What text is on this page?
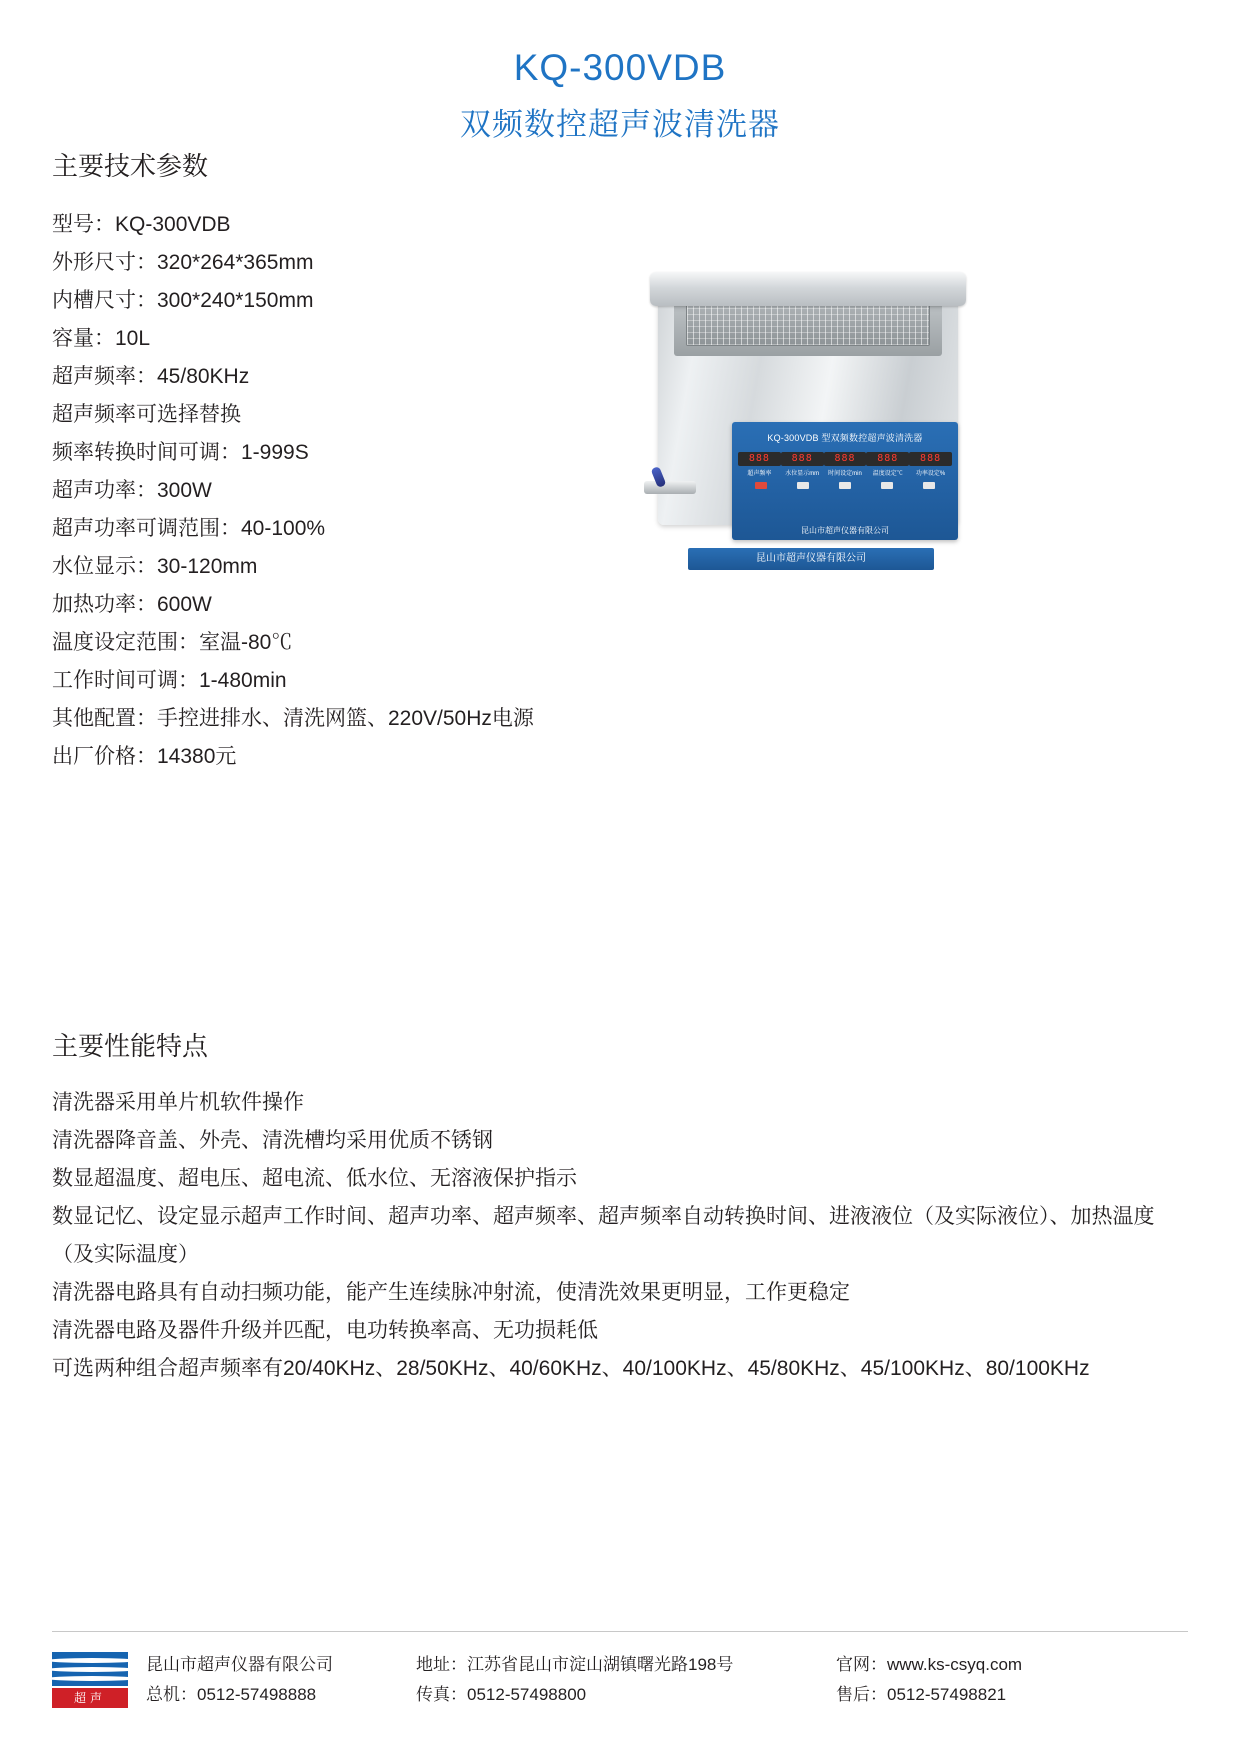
KQ-300VDB
双频数控超声波清洗器
主要技术参数
型号：KQ-300VDB
外形尺寸：320*264*365mm
内槽尺寸：300*240*150mm
容量：10L
超声频率：45/80KHz
超声频率可选择替换
频率转换时间可调：1-999S
超声功率：300W
超声功率可调范围：40-100%
水位显示：30-120mm
加热功率：600W
温度设定范围：室温-80℃
工作时间可调：1-480min
其他配置：手控进排水、清洗网篮、220V/50Hz电源
出厂价格：14380元
KQ-300VDB 型双频数控超声波清洗器
888
超声频率
888
水位显示mm
888
时间设定min
888
温度设定℃
888
功率设定%
昆山市超声仪器有限公司
昆山市超声仪器有限公司
主要性能特点
清洗器采用单片机软件操作
清洗器降音盖、外壳、清洗槽均采用优质不锈钢
数显超温度、超电压、超电流、低水位、无溶液保护指示
数显记忆、设定显示超声工作时间、超声功率、超声频率、超声频率自动转换时间、进液液位（及实际液位）、加热温度（及实际温度）
清洗器电路具有自动扫频功能，能产生连续脉冲射流，使清洗效果更明显，工作更稳定
清洗器电路及器件升级并匹配，电功转换率高、无功损耗低
可选两种组合超声频率有20/40KHz、28/50KHz、40/60KHz、40/100KHz、45/80KHz、45/100KHz、80/100KHz
超声
昆山市超声仪器有限公司
总机：0512-57498888
地址：江苏省昆山市淀山湖镇曙光路198号
传真：0512-57498800
官网：www.ks-csyq.com
售后：0512-57498821
